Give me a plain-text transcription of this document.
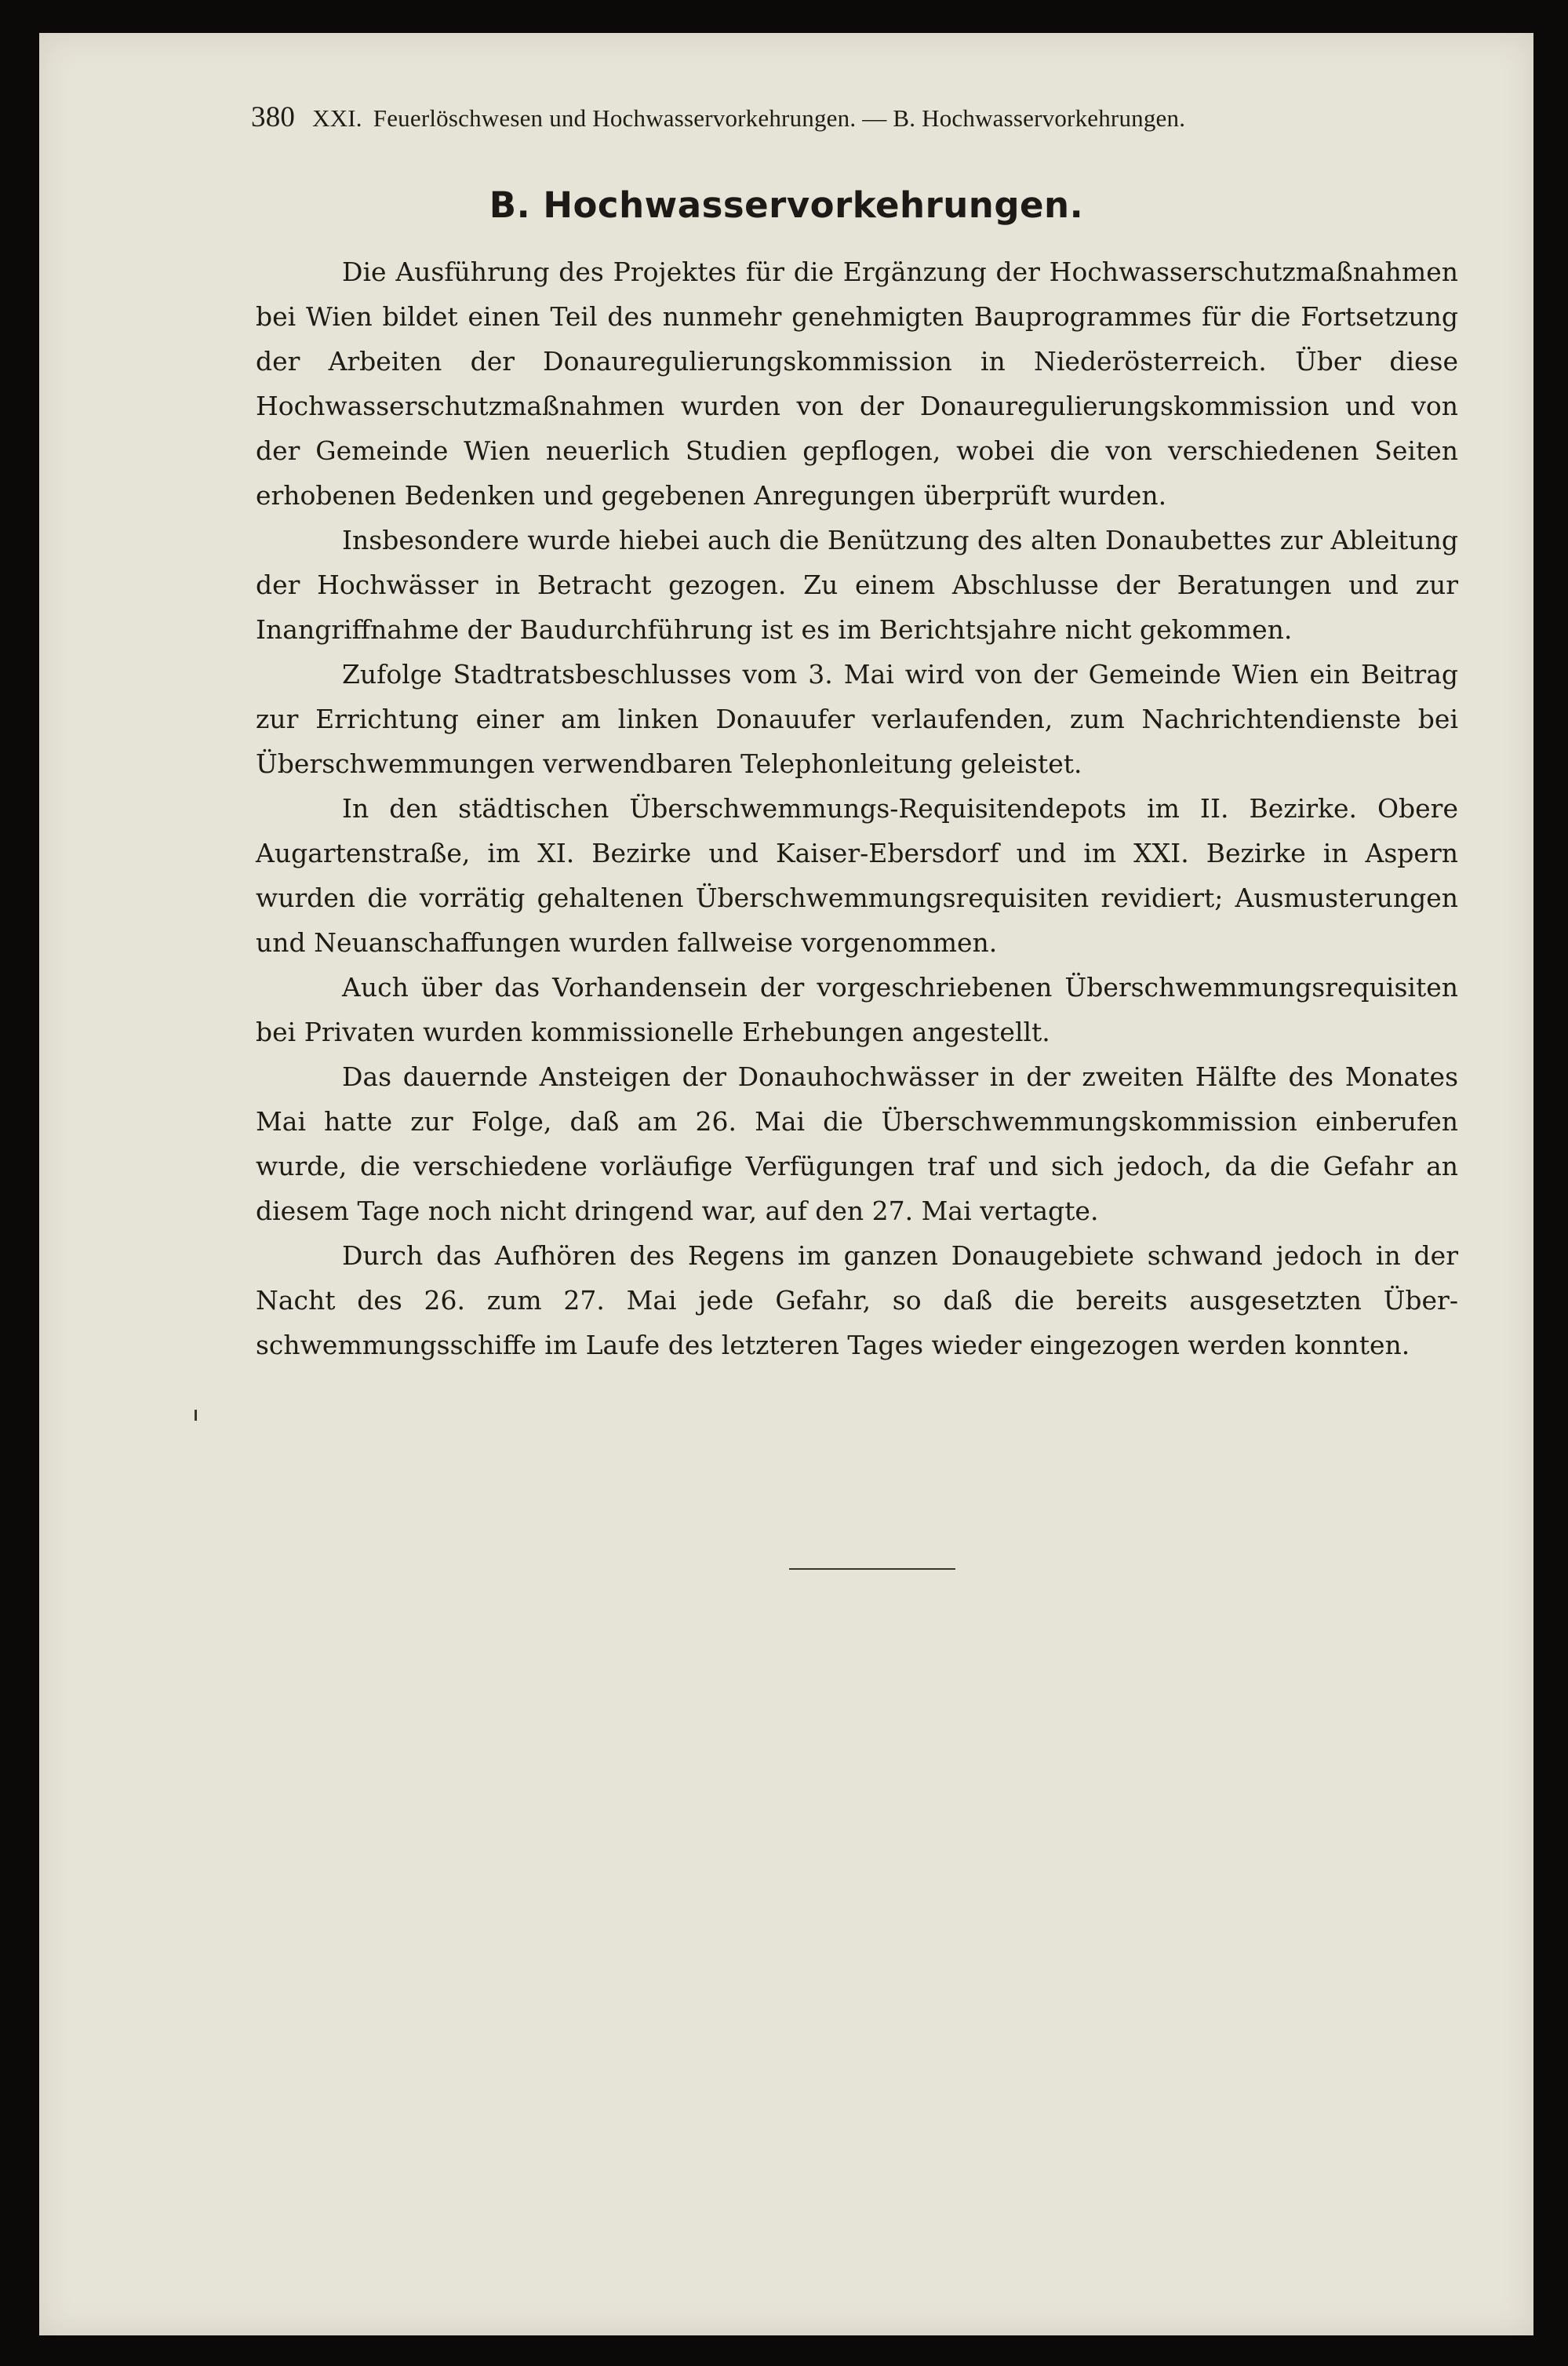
380 XXI. Feuerlöschwesen und Hochwasservorkehrungen. — B. Hochwasservorkehrungen.
B. Hochwasservorkehrungen.

Die Ausführung des Projektes für die Ergänzung der Hochwasserschutzmaßnahmen bei Wien bildet einen Teil des nunmehr genehmigten Bauprogrammes für die Fortsetzung der Arbeiten der Donauregulierungskommission in Niederösterreich. Über diese Hochwasserschutzmaßnahmen wurden von der Donauregulierungskommission und von der Gemeinde Wien neuerlich Studien gepflogen, wobei die von verschiedenen Seiten erhobenen Bedenken und gegebenen Anregungen überprüft wurden.

Insbesondere wurde hiebei auch die Benützung des alten Donaubettes zur Ableitung der Hochwässer in Betracht gezogen. Zu einem Abschlusse der Beratungen und zur Inangriffnahme der Baudurchführung ist es im Berichtsjahre nicht gekommen.

Zufolge Stadtratsbeschlusses vom 3. Mai wird von der Gemeinde Wien ein Beitrag zur Errichtung einer am linken Donauufer verlaufenden, zum Nachrichtendienste bei Überschwemmungen verwendbaren Telephonleitung geleistet.

In den städtischen Überschwemmungs-Requisitendepots im II. Bezirke. Obere Augartenstraße, im XI. Bezirke und Kaiser-Ebersdorf und im XXI. Bezirke in Aspern wurden die vorrätig gehaltenen Überschwemmungsrequisiten revidiert; Ausmusterungen und Neuanschaffungen wurden fallweise vorgenommen.

Auch über das Vorhandensein der vorgeschriebenen Überschwemmungsrequisiten bei Privaten wurden kommissionelle Erhebungen angestellt.

Das dauernde Ansteigen der Donauhochwässer in der zweiten Hälfte des Monates Mai hatte zur Folge, daß am 26. Mai die Überschwemmungskommission einberufen wurde, die verschiedene vorläufige Verfügungen traf und sich jedoch, da die Gefahr an diesem Tage noch nicht dringend war, auf den 27. Mai vertagte.

Durch das Aufhören des Regens im ganzen Donaugebiete schwand jedoch in der Nacht des 26. zum 27. Mai jede Gefahr, so daß die bereits ausgesetzten Überschwemmungsschiffe im Laufe des letzteren Tages wieder eingezogen werden konnten.
